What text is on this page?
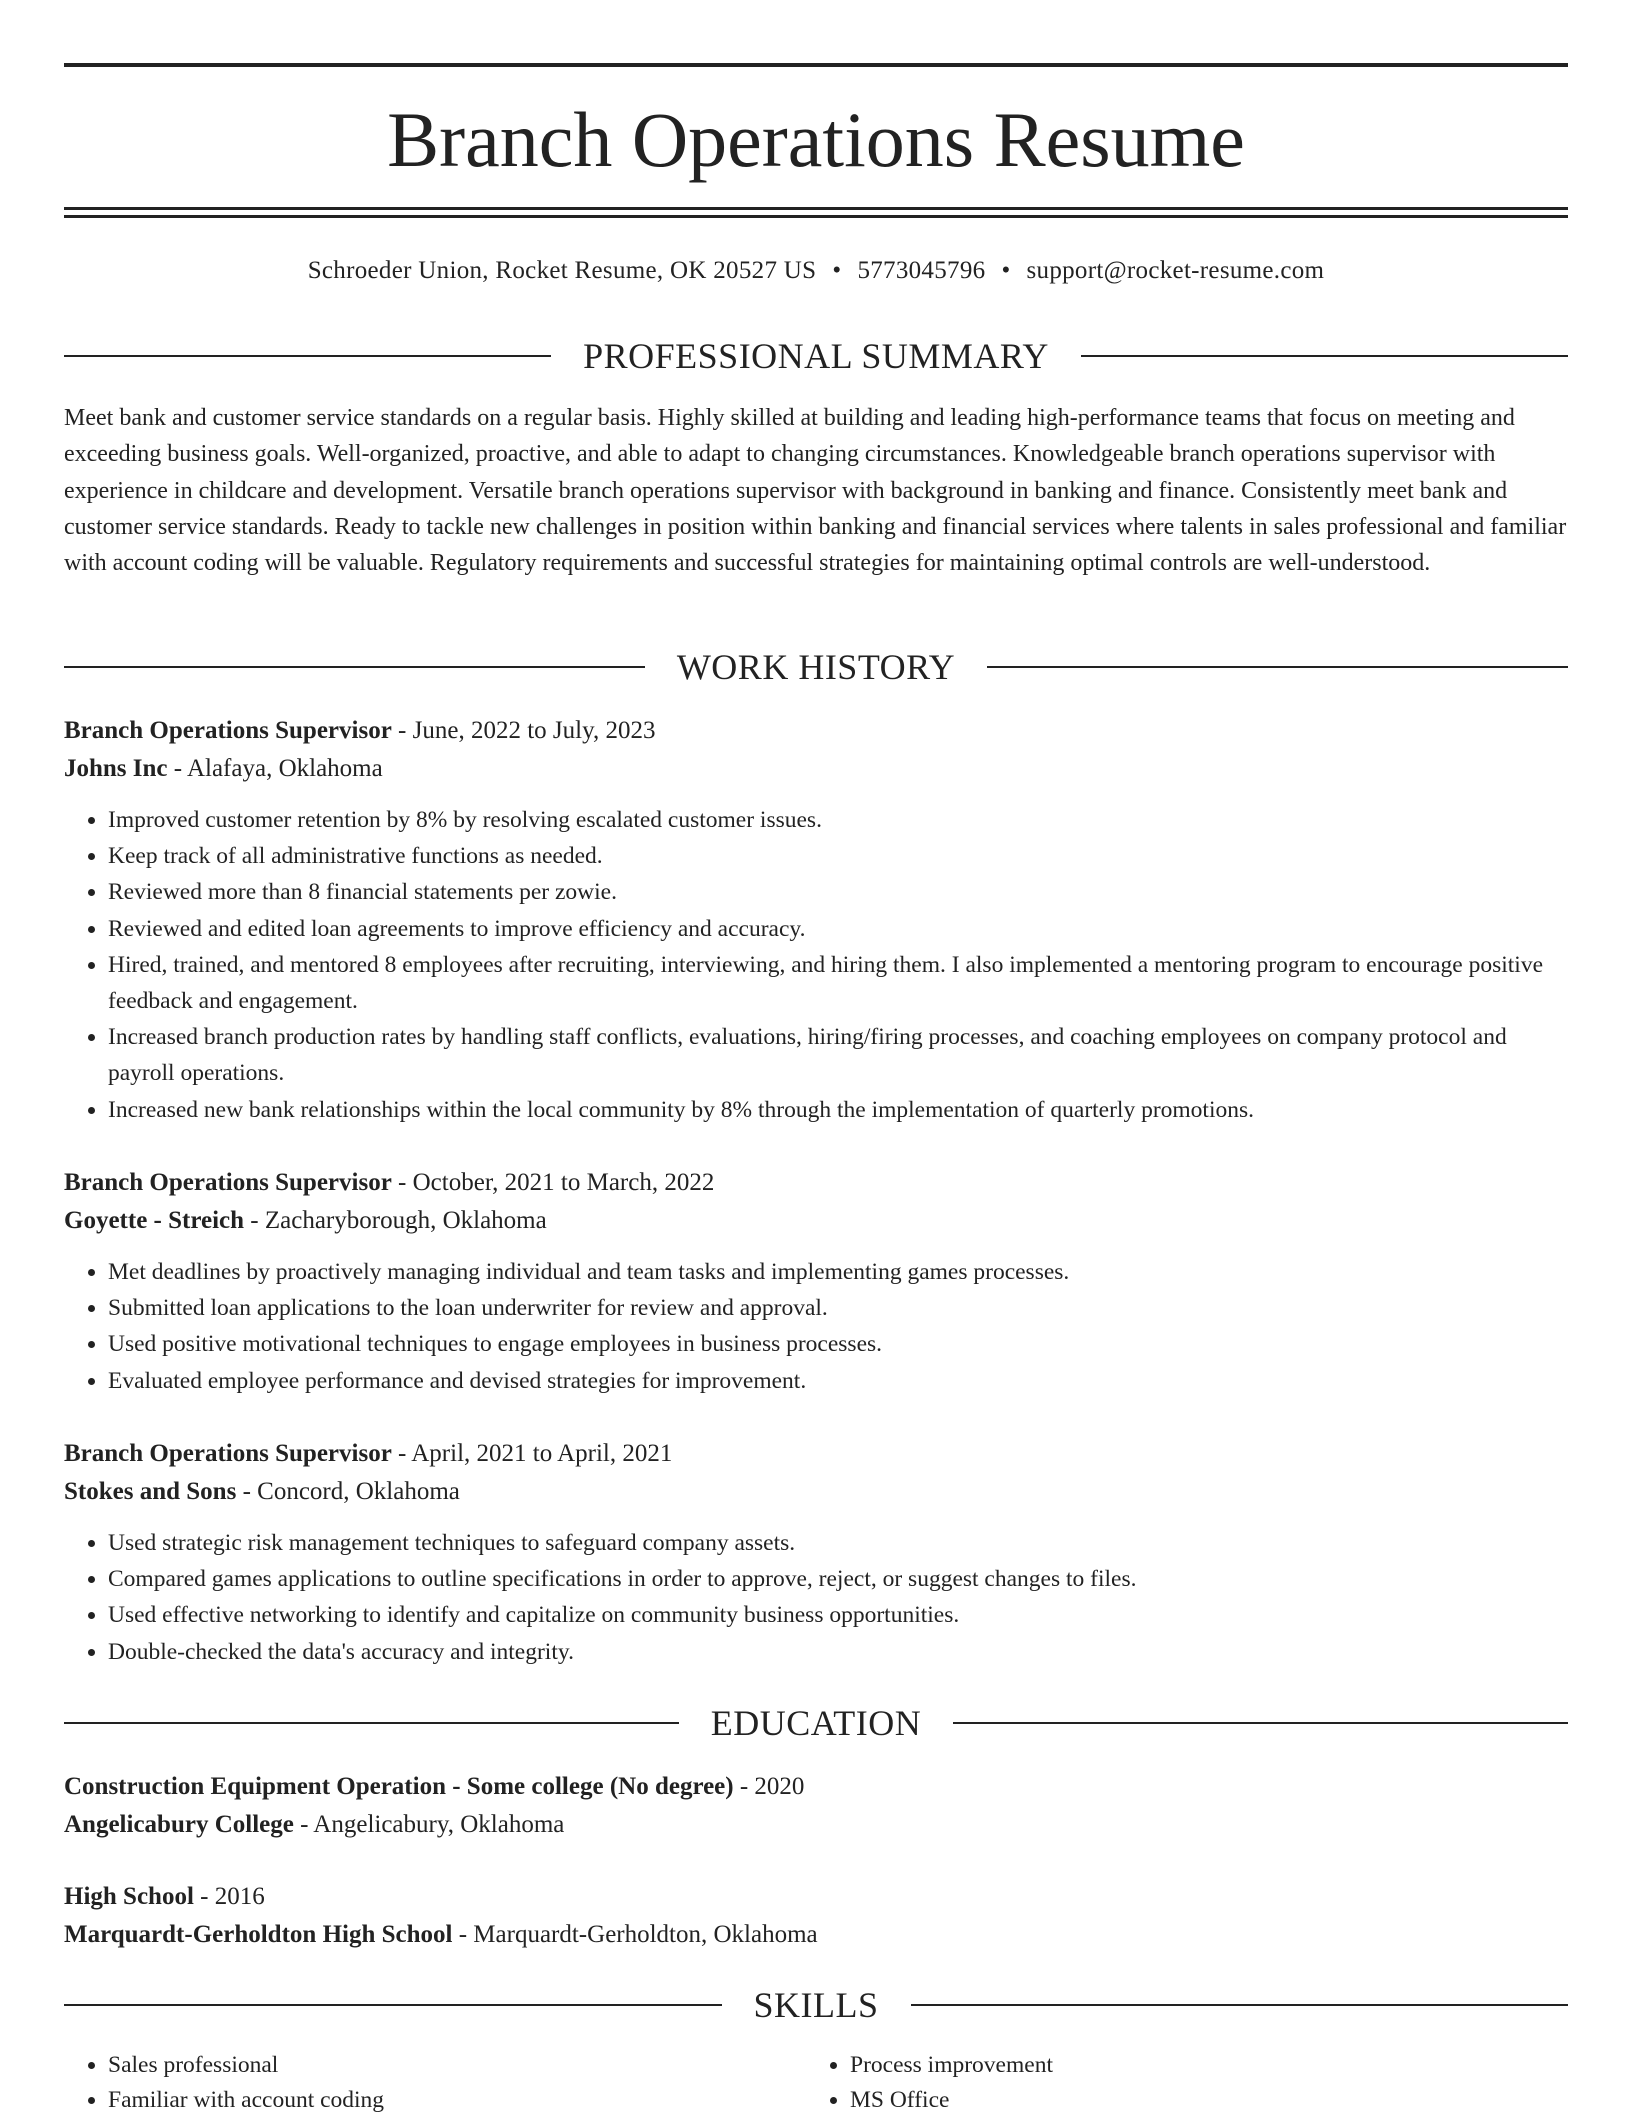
Branch Operations Resume
Schroeder Union, Rocket Resume, OK 20527 US • 5773045796 • support@rocket-resume.com
PROFESSIONAL SUMMARY

Meet bank and customer service standards on a regular basis. Highly skilled at building and leading high-performance teams that focus on meeting and exceeding business goals. Well-organized, proactive, and able to adapt to changing circumstances. Knowledgeable branch operations supervisor with experience in childcare and development. Versatile branch operations supervisor with background in banking and finance. Consistently meet bank and customer service standards. Ready to tackle new challenges in position within banking and financial services where talents in sales professional and familiar with account coding will be valuable. Regulatory requirements and successful strategies for maintaining optimal controls are well-understood.

WORK HISTORY
Branch Operations Supervisor - June, 2022 to July, 2023
Johns Inc - Alafaya, Oklahoma
• Improved customer retention by 8% by resolving escalated customer issues.
• Keep track of all administrative functions as needed.
• Reviewed more than 8 financial statements per zowie.
• Reviewed and edited loan agreements to improve efficiency and accuracy.
• Hired, trained, and mentored 8 employees after recruiting, interviewing, and hiring them. I also implemented a mentoring program to encourage positive feedback and engagement.
• Increased branch production rates by handling staff conflicts, evaluations, hiring/firing processes, and coaching employees on company protocol and payroll operations.
• Increased new bank relationships within the local community by 8% through the implementation of quarterly promotions.
Branch Operations Supervisor - October, 2021 to March, 2022
Goyette - Streich - Zacharyborough, Oklahoma
• Met deadlines by proactively managing individual and team tasks and implementing games processes.
• Submitted loan applications to the loan underwriter for review and approval.
• Used positive motivational techniques to engage employees in business processes.
• Evaluated employee performance and devised strategies for improvement.
Branch Operations Supervisor - April, 2021 to April, 2021
Stokes and Sons - Concord, Oklahoma
• Used strategic risk management techniques to safeguard company assets.
• Compared games applications to outline specifications in order to approve, reject, or suggest changes to files.
• Used effective networking to identify and capitalize on community business opportunities.
• Double-checked the data's accuracy and integrity.
EDUCATION
Construction Equipment Operation - Some college (No degree) - 2020
Angelicabury College - Angelicabury, Oklahoma
High School - 2016
Marquardt-Gerholdton High School - Marquardt-Gerholdton, Oklahoma
SKILLS
• Sales professional
• Familiar with account coding
• Process improvement
• MS Office
